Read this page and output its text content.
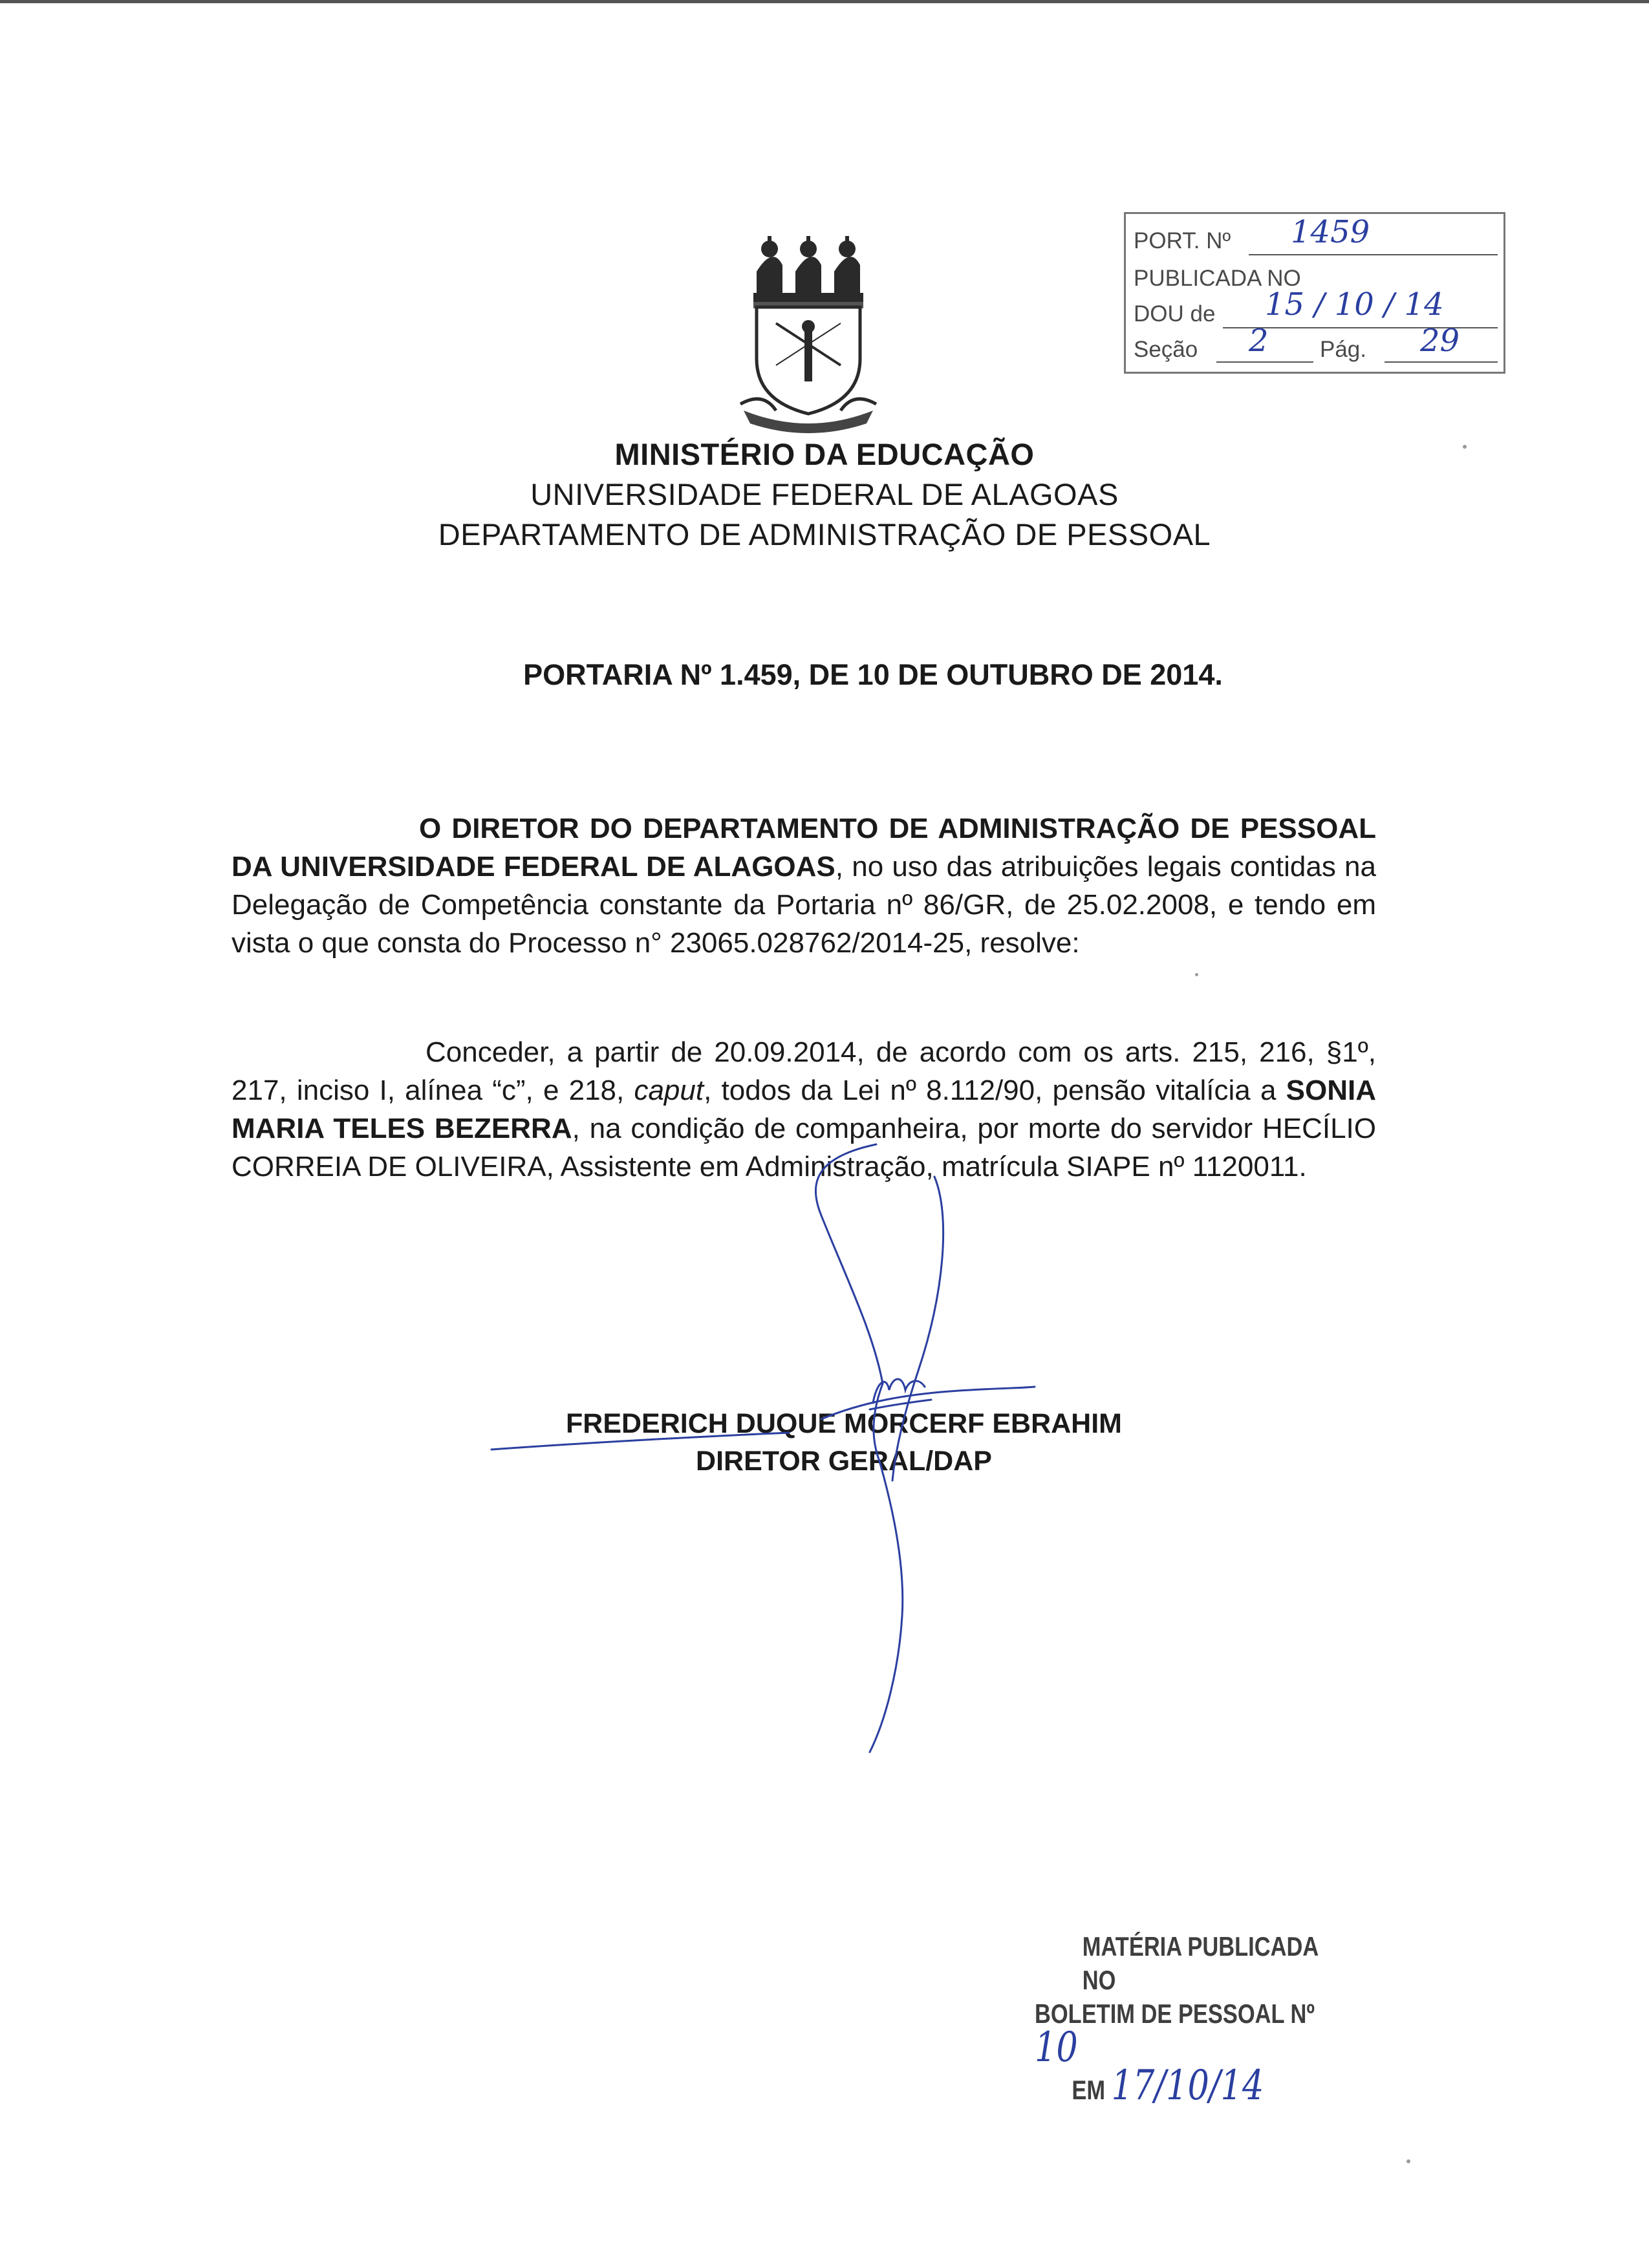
PORT. Nº 1459
PUBLICADA NO
DOU de 15 / 10 / 14
Seção 2 Pág. 29
MINISTÉRIO DA EDUCAÇÃO
UNIVERSIDADE FEDERAL DE ALAGOAS
DEPARTAMENTO DE ADMINISTRAÇÃO DE PESSOAL
PORTARIA Nº 1.459, DE 10 DE OUTUBRO DE 2014.
O DIRETOR DO DEPARTAMENTO DE ADMINISTRAÇÃO DE PESSOAL DA UNIVERSIDADE FEDERAL DE ALAGOAS, no uso das atribuições legais contidas na Delegação de Competência constante da Portaria nº 86/GR, de 25.02.2008, e tendo em vista o que consta do Processo n° 23065.028762/2014-25, resolve:
Conceder, a partir de 20.09.2014, de acordo com os arts. 215, 216, §1º, 217, inciso I, alínea “c”, e 218, caput, todos da Lei nº 8.112/90, pensão vitalícia a SONIA MARIA TELES BEZERRA, na condição de companheira, por morte do servidor HECÍLIO CORREIA DE OLIVEIRA, Assistente em Administração, matrícula SIAPE nº 1120011.
FREDERICH DUQUE MORCERF EBRAHIM
DIRETOR GERAL/DAP
MATÉRIA PUBLICADA NO
BOLETIM DE PESSOAL Nº 10
EM 17/10/14
